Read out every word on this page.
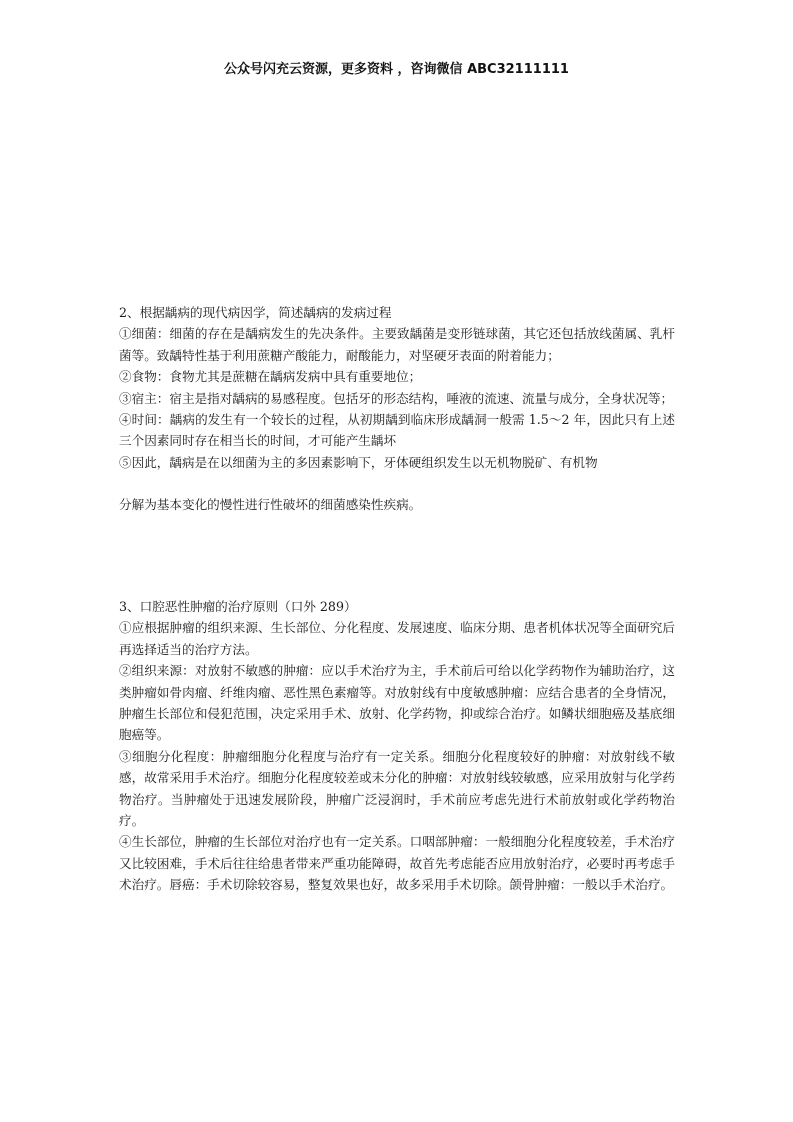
公众号闪充云资源，更多资料 ，咨询微信 ABC32111111

2、根据龋病的现代病因学，简述龋病的发病过程

①细菌：细菌的存在是龋病发生的先决条件。主要致龋菌是变形链球菌，其它还包括放线菌属、乳杆菌等。致龋特性基于利用蔗糖产酸能力，耐酸能力，对坚硬牙表面的附着能力；

②食物：食物尤其是蔗糖在龋病发病中具有重要地位；

③宿主：宿主是指对龋病的易感程度。包括牙的形态结构，唾液的流速、流量与成分，全身状况等；

④时间：龋病的发生有一个较长的过程，从初期龋到临床形成龋洞一般需 1.5～2 年，因此只有上述三个因素同时存在相当长的时间，才可能产生龋坏

⑤因此，龋病是在以细菌为主的多因素影响下，牙体硬组织发生以无机物脱矿、有机物

分解为基本变化的慢性进行性破坏的细菌感染性疾病。

3、口腔恶性肿瘤的治疗原则（口外 289）

①应根据肿瘤的组织来源、生长部位、分化程度、发展速度、临床分期、患者机体状况等全面研究后再选择适当的治疗方法。

②组织来源：对放射不敏感的肿瘤：应以手术治疗为主，手术前后可给以化学药物作为辅助治疗，这类肿瘤如骨肉瘤、纤维肉瘤、恶性黑色素瘤等。对放射线有中度敏感肿瘤：应结合患者的全身情况，肿瘤生长部位和侵犯范围，决定采用手术、放射、化学药物，抑或综合治疗。如鳞状细胞癌及基底细胞癌等。

③细胞分化程度：肿瘤细胞分化程度与治疗有一定关系。细胞分化程度较好的肿瘤：对放射线不敏感，故常采用手术治疗。细胞分化程度较差或未分化的肿瘤：对放射线较敏感，应采用放射与化学药物治疗。当肿瘤处于迅速发展阶段，肿瘤广泛浸润时，手术前应考虑先进行术前放射或化学药物治疗。

④生长部位，肿瘤的生长部位对治疗也有一定关系。口咽部肿瘤：一般细胞分化程度较差，手术治疗又比较困难，手术后往往给患者带来严重功能障碍，故首先考虑能否应用放射治疗，必要时再考虑手术治疗。唇癌：手术切除较容易，整复效果也好，故多采用手术切除。颌骨肿瘤：一般以手术治疗。
